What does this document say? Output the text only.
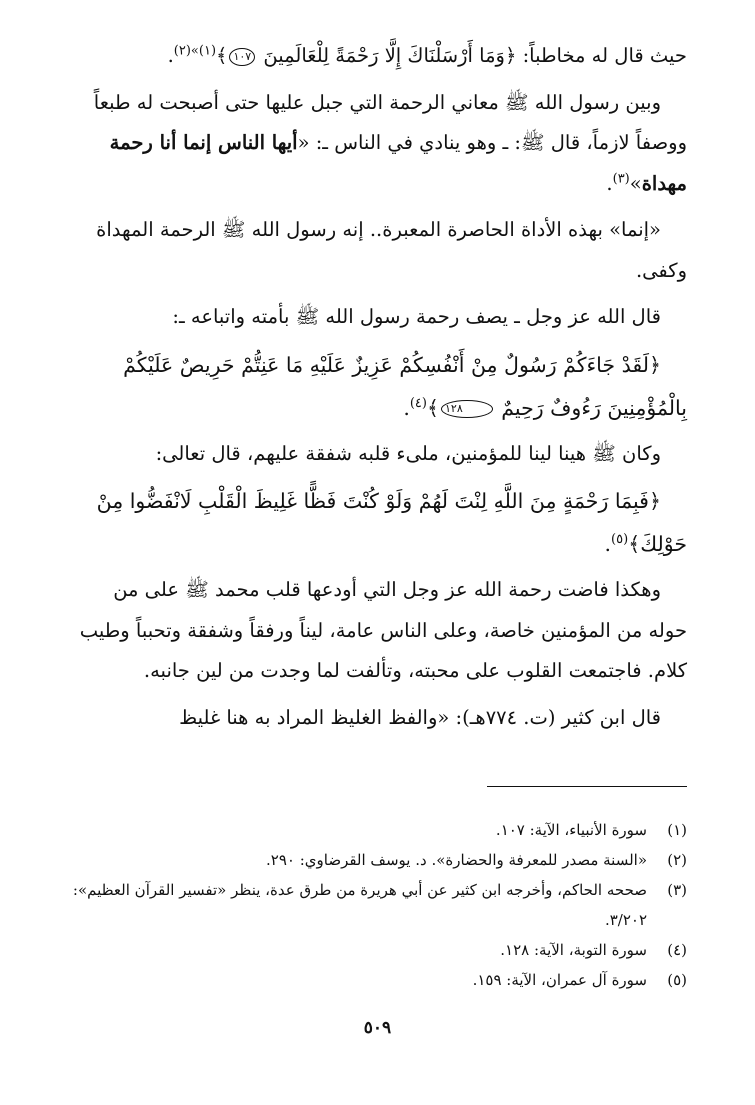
حيث قال له مخاطباً: ﴿وَمَا أَرْسَلْنَاكَ إِلَّا رَحْمَةً لِلْعَالَمِينَ ١٠٧﴾$^{(١)»(٢)}$.

وبين رسول الله ﷺ معاني الرحمة التي جبل عليها حتى أصبحت له طبعاً ووصفاً لازماً، قال ﷺ: ـ وهو ينادي في الناس ـ: «أيها الناس إنما أنا رحمة مهداة»$^{(٣)}$.

«إنما» بهذه الأداة الحاصرة المعبرة.. إنه رسول الله ﷺ الرحمة المهداة وكفى.

قال الله عز وجل ـ يصف رحمة رسول الله ﷺ بأمته واتباعه ـ:

﴿لَقَدْ جَاءَكُمْ رَسُولٌ مِنْ أَنْفُسِكُمْ عَزِيزٌ عَلَيْهِ مَا عَنِتُّمْ حَرِيصٌ عَلَيْكُمْ بِالْمُؤْمِنِينَ رَءُوفٌ رَحِيمٌ ١٢٨﴾$^{(٤)}$.

وكان ﷺ هينا لينا للمؤمنين، ملىء قلبه شفقة عليهم، قال تعالى:

﴿فَبِمَا رَحْمَةٍ مِنَ اللَّهِ لِنْتَ لَهُمْ وَلَوْ كُنْتَ فَظًّا غَلِيظَ الْقَلْبِ لَانْفَضُّوا مِنْ حَوْلِكَ﴾$^{(٥)}$.

وهكذا فاضت رحمة الله عز وجل التي أودعها قلب محمد ﷺ على من حوله من المؤمنين خاصة، وعلى الناس عامة، ليناً ورفقاً وشفقة وتحبباً وطيب كلام. فاجتمعت القلوب على محبته، وتألفت لما وجدت من لين جانبه.

قال ابن كثير (ت. ٧٧٤هـ): «والفظ الغليظ المراد به هنا غليظ

(١)
سورة الأنبياء، الآية: ١٠٧.
(٢)
«السنة مصدر للمعرفة والحضارة». د. يوسف القرضاوي: ٢٩٠.
(٣)
صححه الحاكم، وأخرجه ابن كثير عن أبي هريرة من طرق عدة، ينظر «تفسير القرآن العظيم»: ٣/٢٠٢.
(٤)
سورة التوبة، الآية: ١٢٨.
(٥)
سورة آل عمران، الآية: ١٥٩.
٥٠٩
